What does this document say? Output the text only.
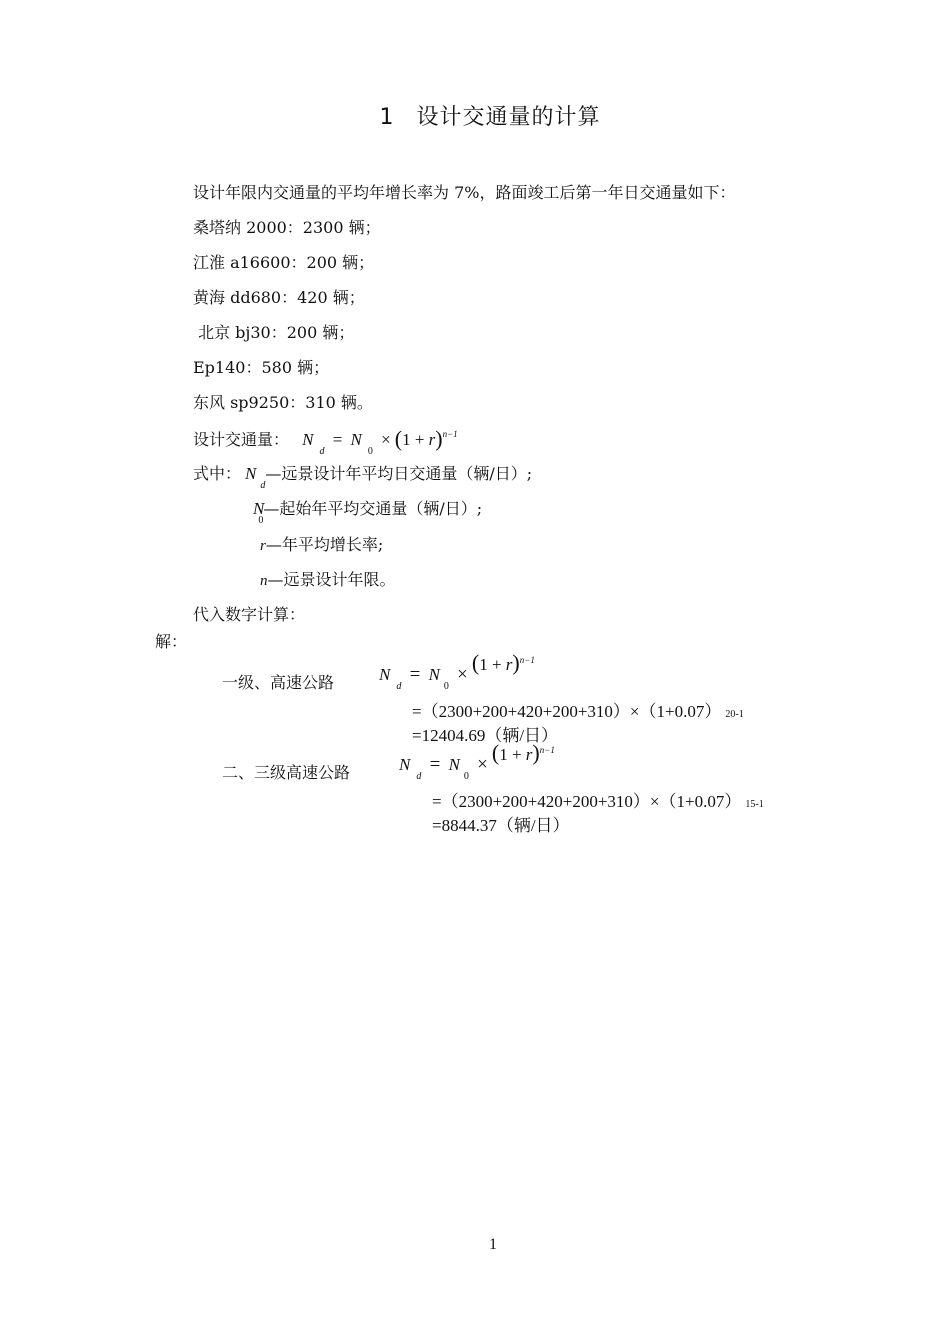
1 设计交通量的计算
设计年限内交通量的平均年增长率为 7%，路面竣工后第一年日交通量如下：
桑塔纳 2000：2300 辆；
江淮 a16600：200 辆；
黄海 dd680：420 辆；
北京 bj30：200 辆；
Ep140：580 辆；
东风 sp9250：310 辆。
设计交通量： $N_d = N_0 \times (1 + r)^{n-1}$
式中： $N_d—$远景设计年平均日交通量（辆/日）;
$N_0—$起始年平均交通量（辆/日）;
r—年平均增长率;
n—远景设计年限。
代入数字计算：
解：
一级、高速公路	$N_d = N_0 \times (1 + r)^{n-1}$
=（2300+200+420+200+310）×（1+0.07） 20-1
=12404.69（辆/日）
二、三级高速公路	$N_d = N_0 \times (1 + r)^{n-1}$
=（2300+200+420+200+310）×（1+0.07） 15-1
=8844.37（辆/日）
1
